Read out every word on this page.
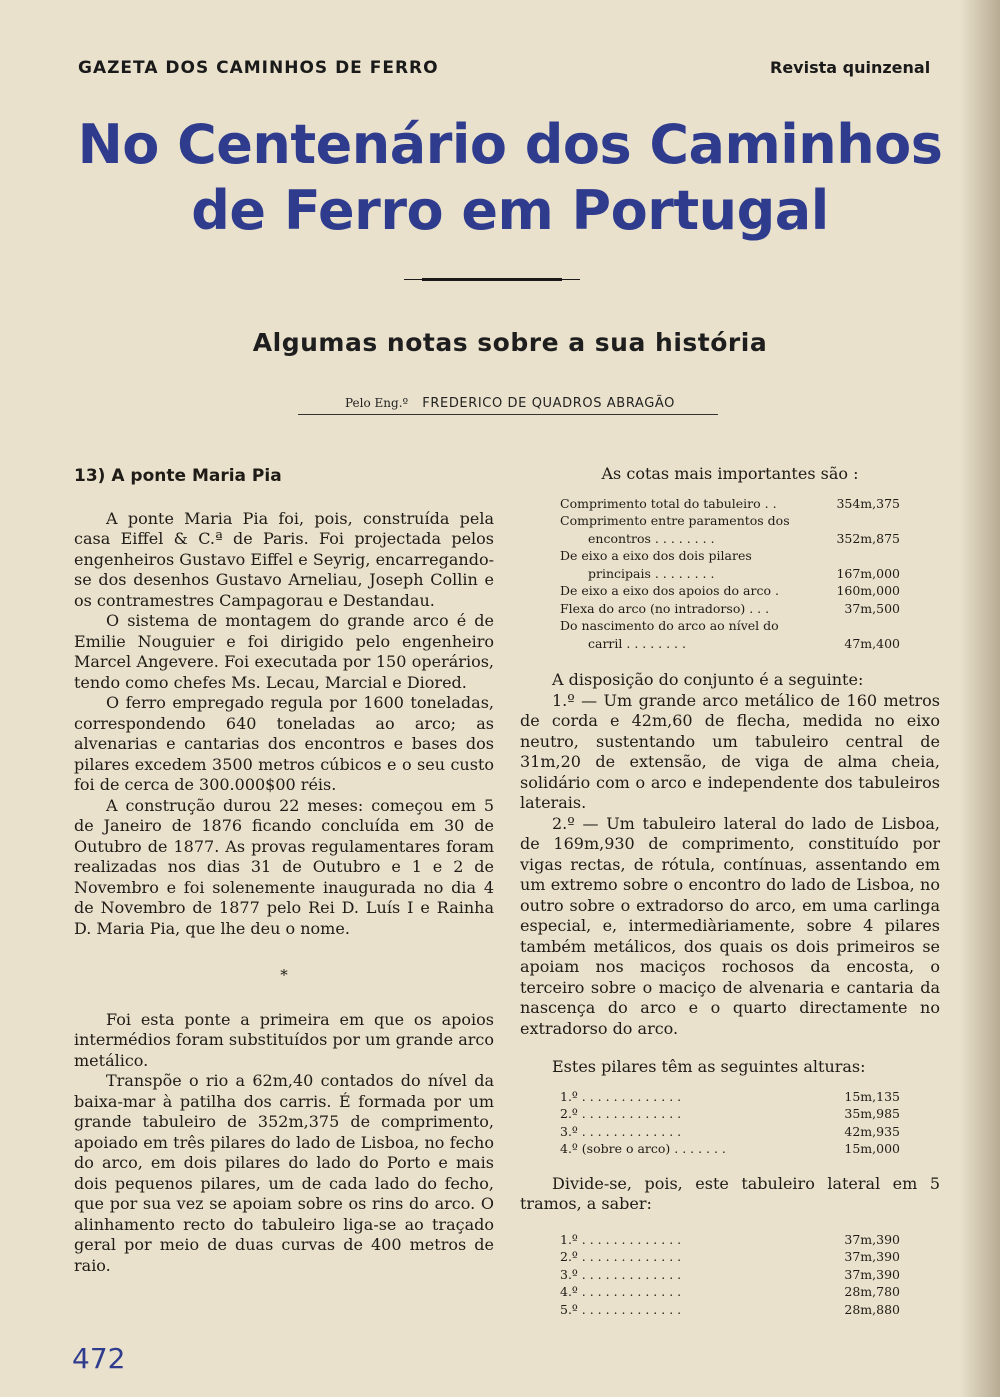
GAZETA DOS CAMINHOS DE FERRO	Revista quinzenal
No Centenário dos Caminhos
de Ferro em Portugal
Algumas notas sobre a sua história
Pelo Eng.º FREDERICO DE QUADROS ABRAGÃO
13) A ponte Maria Pia

A ponte Maria Pia foi, pois, construída pela casa Eiffel & C.ª de Paris. Foi projectada pelos engenheiros Gustavo Eiffel e Seyrig, encarregando-se dos desenhos Gustavo Arneliau, Joseph Collin e os contramestres Campagorau e Destandau.

O sistema de montagem do grande arco é de Emilie Nouguier e foi dirigido pelo engenheiro Marcel Angevere. Foi executada por 150 operários, tendo como chefes Ms. Lecau, Marcial e Diored.

O ferro empregado regula por 1600 toneladas, correspondendo 640 toneladas ao arco; as alvenarias e cantarias dos encontros e bases dos pilares excedem 3500 metros cúbicos e o seu custo foi de cerca de 300.000$00 réis.

A construção durou 22 meses: começou em 5 de Janeiro de 1876 ficando concluída em 30 de Outubro de 1877. As provas regulamentares foram realizadas nos dias 31 de Outubro e 1 e 2 de Novembro e foi solenemente inaugurada no dia 4 de Novembro de 1877 pelo Rei D. Luís I e Rainha D. Maria Pia, que lhe deu o nome.

*

Foi esta ponte a primeira em que os apoios intermédios foram substituídos por um grande arco metálico.

Transpõe o rio a 62m,40 contados do nível da baixa-mar à patilha dos carris. É formada por um grande tabuleiro de 352m,375 de comprimento, apoiado em três pilares do lado de Lisboa, no fecho do arco, em dois pilares do lado do Porto e mais dois pequenos pilares, um de cada lado do fecho, que por sua vez se apoiam sobre os rins do arco. O alinhamento recto do tabuleiro liga-se ao traçado geral por meio de duas curvas de 400 metros de raio.

As cotas mais importantes são :

Comprimento total do tabuleiro . .	354m,375
Comprimento entre paramentos dos	
encontros . . . . . . . .	352m,875
De eixo a eixo dos dois pilares	
principais . . . . . . . .	167m,000
De eixo a eixo dos apoios do arco .	160m,000
Flexa do arco (no intradorso) . . .	37m,500
Do nascimento do arco ao nível do	
carril . . . . . . . .	47m,400

A disposição do conjunto é a seguinte:

1.º — Um grande arco metálico de 160 metros de corda e 42m,60 de flecha, medida no eixo neutro, sustentando um tabuleiro central de 31m,20 de extensão, de viga de alma cheia, solidário com o arco e independente dos tabuleiros laterais.

2.º — Um tabuleiro lateral do lado de Lisboa, de 169m,930 de comprimento, constituído por vigas rectas, de rótula, contínuas, assentando em um extremo sobre o encontro do lado de Lisboa, no outro sobre o extradorso do arco, em uma carlinga especial, e, intermediàriamente, sobre 4 pilares também metálicos, dos quais os dois primeiros se apoiam nos maciços rochosos da encosta, o terceiro sobre o maciço de alvenaria e cantaria da nascença do arco e o quarto directamente no extradorso do arco.

Estes pilares têm as seguintes alturas:

1.º . . . . . . . . . . . . .	15m,135
2.º . . . . . . . . . . . . .	35m,985
3.º . . . . . . . . . . . . .	42m,935
4.º (sobre o arco) . . . . . . .	15m,000

Divide-se, pois, este tabuleiro lateral em 5 tramos, a saber:

1.º . . . . . . . . . . . . .	37m,390
2.º . . . . . . . . . . . . .	37m,390
3.º . . . . . . . . . . . . .	37m,390
4.º . . . . . . . . . . . . .	28m,780
5.º . . . . . . . . . . . . .	28m,880
472
